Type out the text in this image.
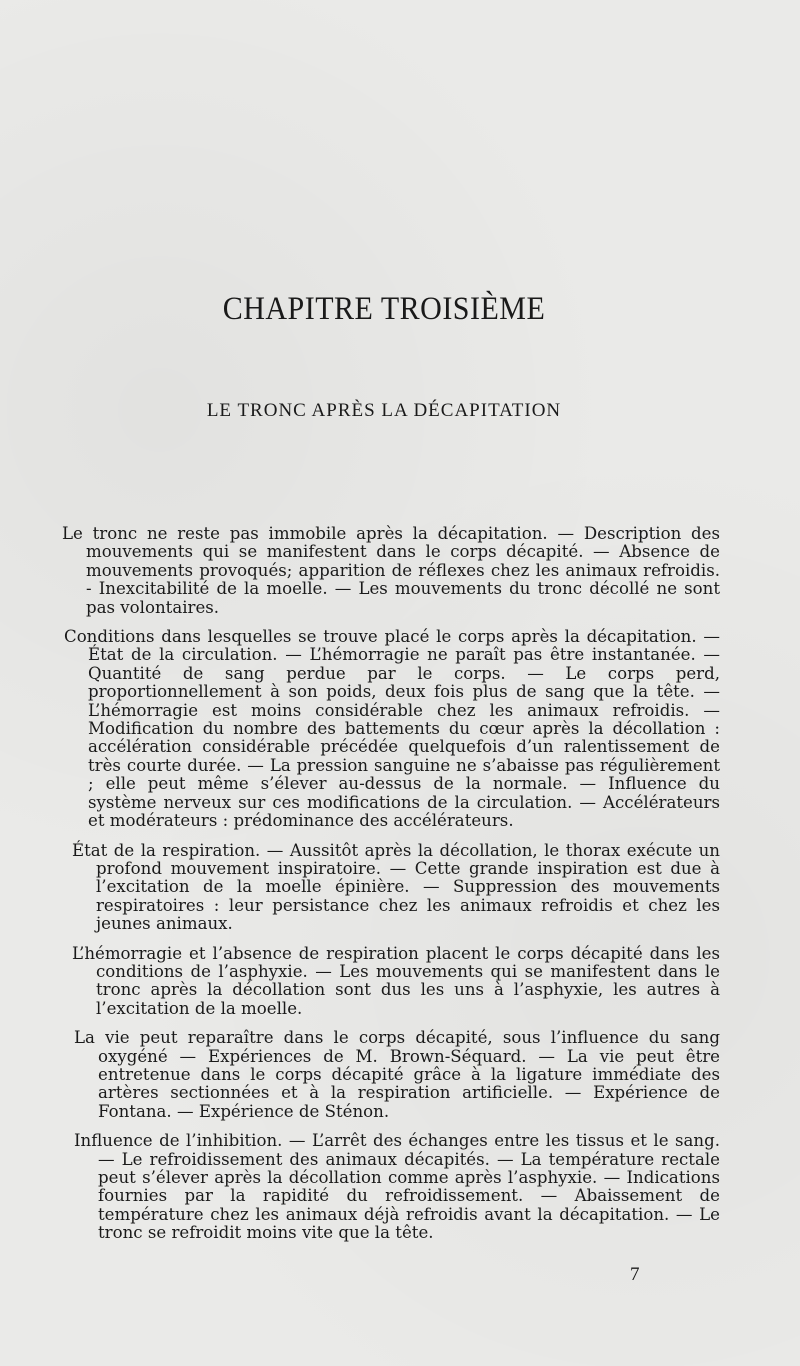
CHAPITRE TROISIÈME
LE TRONC APRÈS LA DÉCAPITATION

Le tronc ne reste pas immobile après la décapitation. — Description des mouvements qui se manifestent dans le corps décapité. — Absence de mouvements provoqués; apparition de réflexes chez les animaux refroidis. - Inexcitabilité de la moelle. — Les mouvements du tronc décollé ne sont pas volontaires.

Conditions dans lesquelles se trouve placé le corps après la décapitation. — État de la circulation. — L’hémorragie ne paraît pas être instantanée. — Quantité de sang perdue par le corps. — Le corps perd, proportionnellement à son poids, deux fois plus de sang que la tête. — L’hémorragie est moins considérable chez les animaux refroidis. — Modification du nombre des battements du cœur après la décollation : accélération considérable précédée quelquefois d’un ralentissement de très courte durée. — La pression sanguine ne s’abaisse pas régulièrement ; elle peut même s’élever au-dessus de la normale. — Influence du système nerveux sur ces modifications de la circulation. — Accélérateurs et modérateurs : prédominance des accélérateurs.

État de la respiration. — Aussitôt après la décollation, le thorax exécute un profond mouvement inspiratoire. — Cette grande inspiration est due à l’excitation de la moelle épinière. — Suppression des mouvements respiratoires : leur persistance chez les animaux refroidis et chez les jeunes animaux.

L’hémorragie et l’absence de respiration placent le corps décapité dans les conditions de l’asphyxie. — Les mouvements qui se manifestent dans le tronc après la décollation sont dus les uns à l’asphyxie, les autres à l’excitation de la moelle.

La vie peut reparaître dans le corps décapité, sous l’influence du sang oxygéné — Expériences de M. Brown-Séquard. — La vie peut être entretenue dans le corps décapité grâce à la ligature immédiate des artères sectionnées et à la respiration artificielle. — Expérience de Fontana. — Expérience de Sténon.

Influence de l’inhibition. — L’arrêt des échanges entre les tissus et le sang. — Le refroidissement des animaux décapités. — La température rectale peut s’élever après la décollation comme après l’asphyxie. — Indications fournies par la rapidité du refroidissement. — Abaissement de température chez les animaux déjà refroidis avant la décapitation. — Le tronc se refroidit moins vite que la tête.

7
